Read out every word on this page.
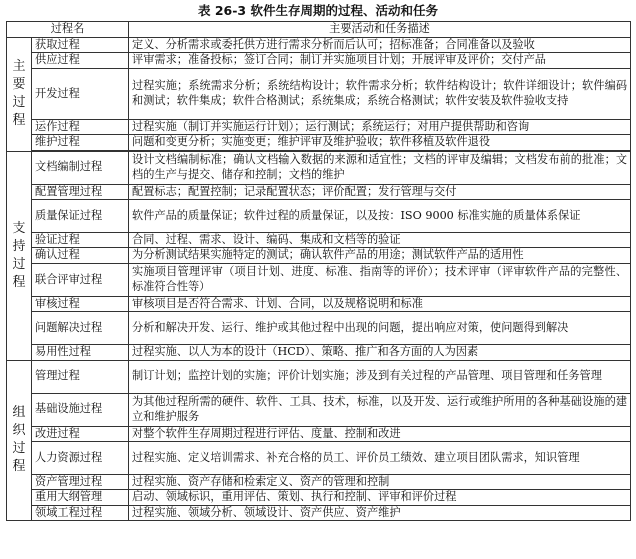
表 26-3 软件生存周期的过程、活动和任务
过程名		主要活动和任务描述
主要过程	获取过程	定义、分析需求或委托供方进行需求分析而后认可；招标准备；合同准备以及验收
	供应过程	评审需求；准备投标；签订合同；制订并实施项目计划；开展评审及评价；交付产品
	开发过程	过程实施；系统需求分析；系统结构设计；软件需求分析；软件结构设计；软件详细设计；软件编码和测试；软件集成；软件合格测试；系统集成；系统合格测试；软件安装及软件验收支持
	运作过程	过程实施（制订并实施运行计划）；运行测试；系统运行；对用户提供帮助和咨询
	维护过程	问题和变更分析；实施变更；维护评审及维护验收；软件移植及软件退役

支持过程	文档编制过程	设计文档编制标准；确认文档输入数据的来源和适宜性；文档的评审及编辑；文档发布前的批准；文档的生产与提交、储存和控制；文档的维护
	配置管理过程	配置标志；配置控制；记录配置状态；评价配置；发行管理与交付
	质量保证过程	软件产品的质量保证；软件过程的质量保证，以及按：ISO 9000 标准实施的质量体系保证
	验证过程	合同、过程、需求、设计、编码、集成和文档等的验证
	确认过程	为分析测试结果实施特定的测试；确认软件产品的用途；测试软件产品的适用性
	联合评审过程	实施项目管理评审（项目计划、进度、标准、指南等的评价）；技术评审（评审软件产品的完整性、标准符合性等）
	审核过程	审核项目是否符合需求、计划、合同，以及规格说明和标准
	问题解决过程	分析和解决开发、运行、维护或其他过程中出现的问题，提出响应对策，使问题得到解决
	易用性过程	过程实施、以人为本的设计（HCD）、策略、推广和各方面的人为因素
组织过程	管理过程	制订计划；监控计划的实施；评价计划实施；涉及到有关过程的产品管理、项目管理和任务管理
	基础设施过程	为其他过程所需的硬件、软件、工具、技术，标准，以及开发、运行或维护所用的各种基础设施的建立和维护服务
	改进过程	对整个软件生存周期过程进行评估、度量、控制和改进
	人力资源过程	过程实施、定义培训需求、补充合格的员工、评价员工绩效、建立项目团队需求，知识管理
	资产管理过程	过程实施、资产存储和检索定义、资产的管理和控制
	重用大纲管理	启动、领域标识，重用评估、策划、执行和控制、评审和评价过程
	领域工程过程	过程实施、领域分析、领域设计、资产供应、资产维护
